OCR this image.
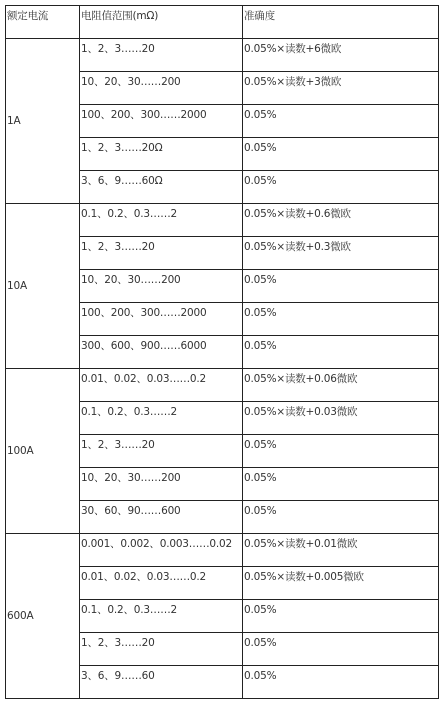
额定电流	电阻值范围(mΩ)	准确度
1A	1、2、3……20	0.05%×读数+6微欧
	10、20、30……200	0.05%×读数+3微欧
	100、200、300……2000	0.05%
	1、2、3……20Ω	0.05%
	3、6、9……60Ω	0.05%
10A	0.1、0.2、0.3……2	0.05%×读数+0.6微欧
	1、2、3……20	0.05%×读数+0.3微欧
	10、20、30……200	0.05%
	100、200、300……2000	0.05%
	300、600、900……6000	0.05%
100A	0.01、0.02、0.03……0.2	0.05%×读数+0.06微欧
	0.1、0.2、0.3……2	0.05%×读数+0.03微欧
	1、2、3……20	0.05%
	10、20、30……200	0.05%
	30、60、90……600	0.05%
600A	0.001、0.002、0.003……0.02	0.05%×读数+0.01微欧
	0.01、0.02、0.03……0.2	0.05%×读数+0.005微欧
	0.1、0.2、0.3……2	0.05%
	1、2、3……20	0.05%
	3、6、9……60	0.05%
